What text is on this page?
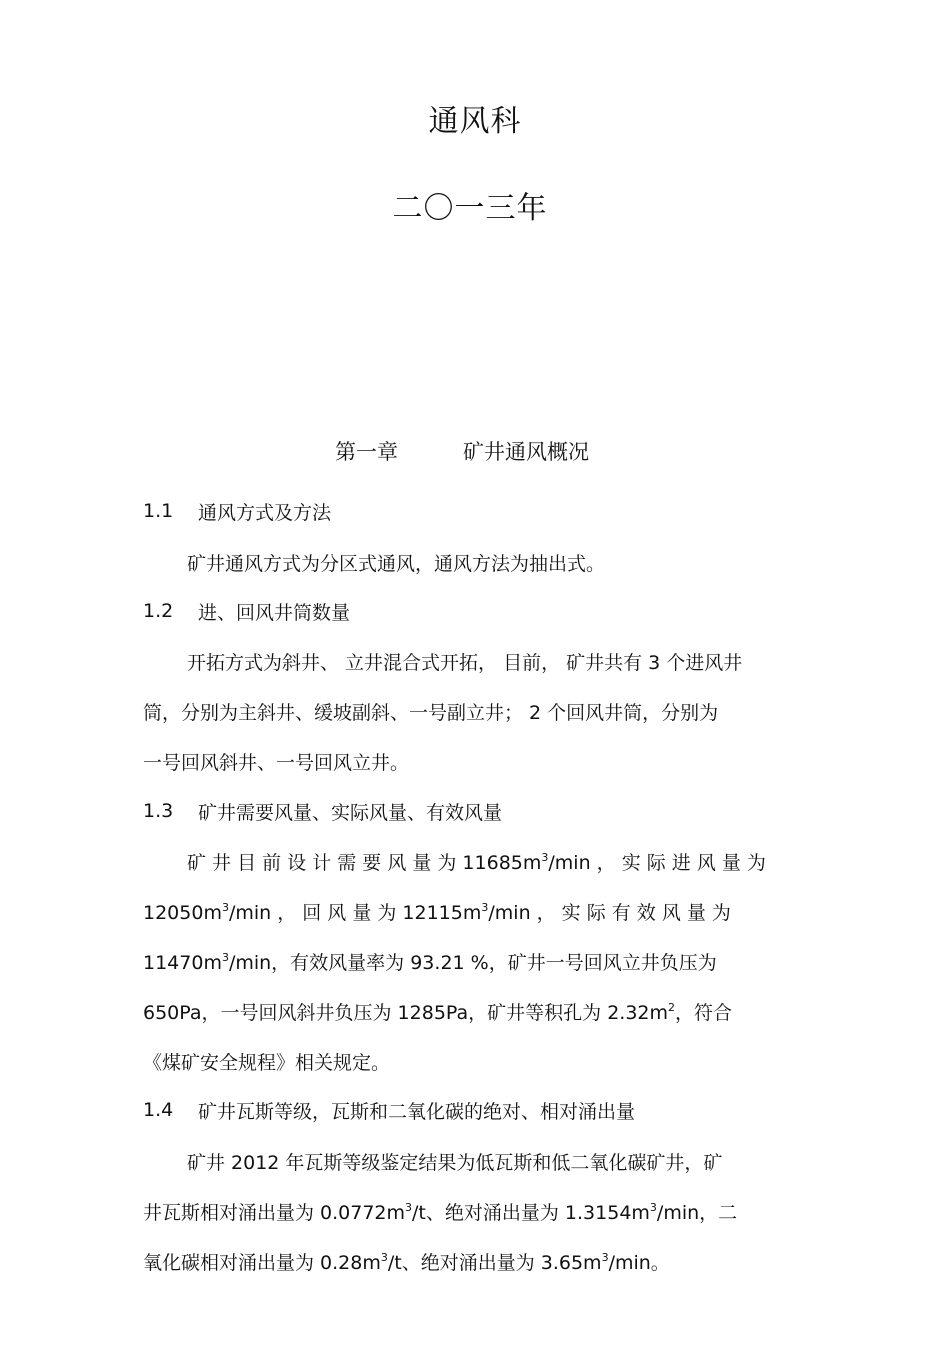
通风科
二〇一三年
第一章	矿井通风概况
1.1 通风方式及方法
矿井通风方式为分区式通风，通风方法为抽出式。
1.2 进、回风井筒数量
开拓方式为斜井、 立井混合式开拓， 目前， 矿井共有 3 个进风井
筒，分别为主斜井、缓坡副斜、一号副立井； 2 个回风井筒，分别为
一号回风斜井、一号回风立井。
1.3 矿井需要风量、实际风量、有效风量
矿 井 目 前 设 计 需 要 风 量 为 $11685m^3/\min$ ， 实 际 进 风 量 为
$12050m^3/\min$ ， 回 风 量 为 $12115m^3/\min$ ， 实 际 有 效 风 量 为
$11470m^3/\min$，有效风量率为 93.21 %，矿井一号回风立井负压为
650Pa，一号回风斜井负压为 1285Pa，矿井等积孔为 $2.32m^2$，符合
《煤矿安全规程》相关规定。
1.4 矿井瓦斯等级，瓦斯和二氧化碳的绝对、相对涌出量
矿井 2012 年瓦斯等级鉴定结果为低瓦斯和低二氧化碳矿井，矿
井瓦斯相对涌出量为 $0.0772m^3/t$、绝对涌出量为 $1.3154m^3/\min$，二
氧化碳相对涌出量为 $0.28m^3/t$、绝对涌出量为 $3.65m^3/\min$。
